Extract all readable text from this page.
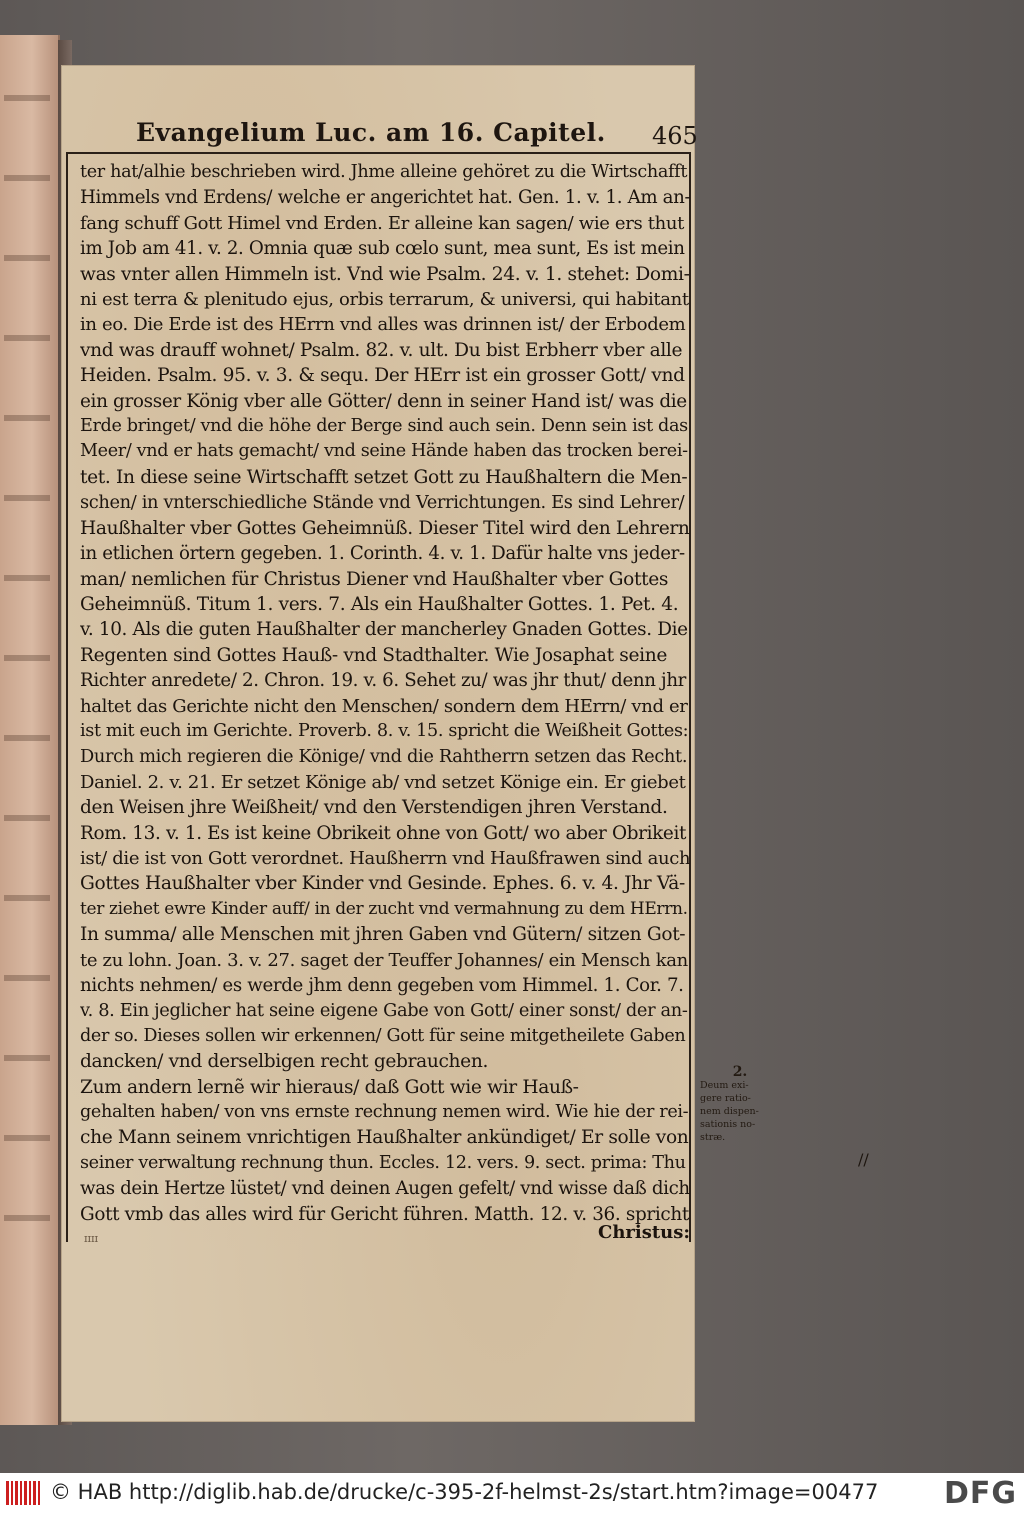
Evangelium Luc. am 16. Capitel. 465
ter hat/alhie beschrieben wird. Jhme alleine gehöret zu die Wirtschafft
Himmels vnd Erdens/ welche er angerichtet hat. Gen. 1. v. 1. Am an-
fang schuff Gott Himel vnd Erden. Er alleine kan sagen/ wie ers thut
im Job am 41. v. 2. Omnia quæ sub cœlo sunt, mea sunt, Es ist mein
was vnter allen Himmeln ist. Vnd wie Psalm. 24. v. 1. stehet: Domi-
ni est terra & plenitudo ejus, orbis terrarum, & universi, qui habitant
in eo. Die Erde ist des HErrn vnd alles was drinnen ist/ der Erbodem
vnd was drauff wohnet/ Psalm. 82. v. ult. Du bist Erbherr vber alle
Heiden. Psalm. 95. v. 3. & sequ. Der HErr ist ein grosser Gott/ vnd
ein grosser König vber alle Götter/ denn in seiner Hand ist/ was die
Erde bringet/ vnd die höhe der Berge sind auch sein. Denn sein ist das
Meer/ vnd er hats gemacht/ vnd seine Hände haben das trocken berei-
tet. In diese seine Wirtschafft setzet Gott zu Haußhaltern die Men-
schen/ in vnterschiedliche Stände vnd Verrichtungen. Es sind Lehrer/
Haußhalter vber Gottes Geheimnüß. Dieser Titel wird den Lehrern
in etlichen örtern gegeben. 1. Corinth. 4. v. 1. Dafür halte vns jeder-
man/ nemlichen für Christus Diener vnd Haußhalter vber Gottes
Geheimnüß. Titum 1. vers. 7. Als ein Haußhalter Gottes. 1. Pet. 4.
v. 10. Als die guten Haußhalter der mancherley Gnaden Gottes. Die
Regenten sind Gottes Hauß- vnd Stadthalter. Wie Josaphat seine
Richter anredete/ 2. Chron. 19. v. 6. Sehet zu/ was jhr thut/ denn jhr
haltet das Gerichte nicht den Menschen/ sondern dem HErrn/ vnd er
ist mit euch im Gerichte. Proverb. 8. v. 15. spricht die Weißheit Gottes:
Durch mich regieren die Könige/ vnd die Rahtherrn setzen das Recht.
Daniel. 2. v. 21. Er setzet Könige ab/ vnd setzet Könige ein. Er giebet
den Weisen jhre Weißheit/ vnd den Verstendigen jhren Verstand.
Rom. 13. v. 1. Es ist keine Obrikeit ohne von Gott/ wo aber Obrikeit
ist/ die ist von Gott verordnet. Haußherrn vnd Haußfrawen sind auch
Gottes Haußhalter vber Kinder vnd Gesinde. Ephes. 6. v. 4. Jhr Vä-
ter ziehet ewre Kinder auff/ in der zucht vnd vermahnung zu dem HErrn.
In summa/ alle Menschen mit jhren Gaben vnd Gütern/ sitzen Got-
te zu lohn. Joan. 3. v. 27. saget der Teuffer Johannes/ ein Mensch kan
nichts nehmen/ es werde jhm denn gegeben vom Himmel. 1. Cor. 7.
v. 8. Ein jeglicher hat seine eigene Gabe von Gott/ einer sonst/ der an-
der so. Dieses sollen wir erkennen/ Gott für seine mitgetheilete Gaben
dancken/ vnd derselbigen recht gebrauchen.
Zum andern lernẽ wir hieraus/ daß Gott wie wir Hauß-
gehalten haben/ von vns ernste rechnung nemen wird. Wie hie der rei-
che Mann seinem vnrichtigen Haußhalter ankündiget/ Er solle von
seiner verwaltung rechnung thun. Eccles. 12. vers. 9. sect. prima: Thu
was dein Hertze lüstet/ vnd deinen Augen gefelt/ vnd wisse daß dich
Gott vmb das alles wird für Gericht führen. Matth. 12. v. 36. spricht
ɪ⁠ɪ⁠ɪ⁠ɪ	Christus:
2.
Deum exi-
gere ratio-
nem dispen-
sationis no-
stræ.
//
© HAB http://diglib.hab.de/drucke/c-395-2f-helmst-2s/start.htm?image=00477	DFG
